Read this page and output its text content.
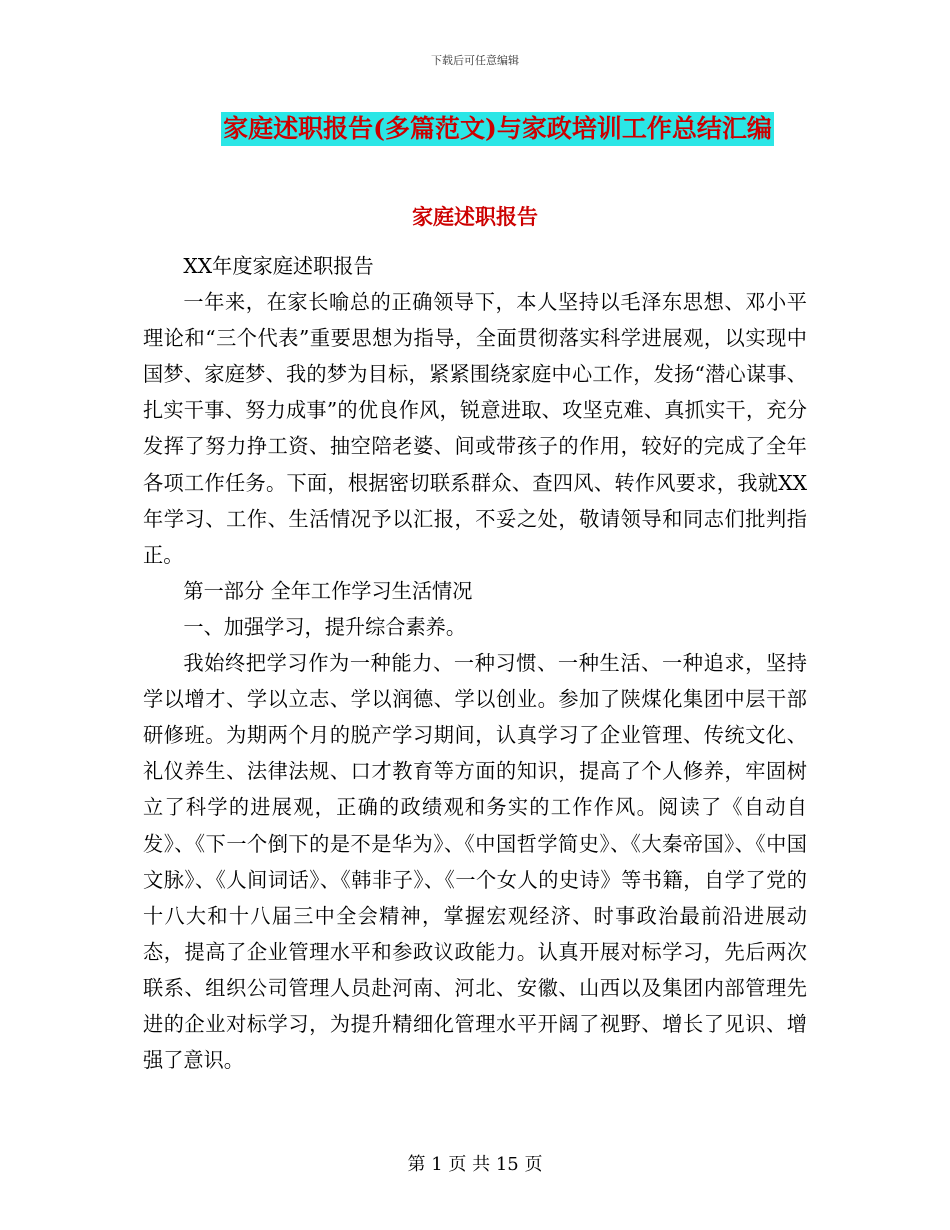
下载后可任意编辑
家庭述职报告(多篇范文)与家政培训工作总结汇编
家庭述职报告

XX年度家庭述职报告

一年来，在家长喻总的正确领导下，本人坚持以毛泽东思想、邓小平理论和“三个代表”重要思想为指导，全面贯彻落实科学进展观，以实现中国梦、家庭梦、我的梦为目标，紧紧围绕家庭中心工作，发扬“潜心谋事、扎实干事、努力成事”的优良作风，锐意进取、攻坚克难、真抓实干，充分发挥了努力挣工资、抽空陪老婆、间或带孩子的作用，较好的完成了全年各项工作任务。下面，根据密切联系群众、查四风、转作风要求，我就XX年学习、工作、生活情况予以汇报，不妥之处，敬请领导和同志们批判指正。

第一部分 全年工作学习生活情况

一、加强学习，提升综合素养。

我始终把学习作为一种能力、一种习惯、一种生活、一种追求，坚持学以增才、学以立志、学以润德、学以创业。参加了陕煤化集团中层干部研修班。为期两个月的脱产学习期间，认真学习了企业管理、传统文化、礼仪养生、法律法规、口才教育等方面的知识，提高了个人修养，牢固树立了科学的进展观，正确的政绩观和务实的工作作风。阅读了《自动自发》、《下一个倒下的是不是华为》、《中国哲学简史》、《大秦帝国》、《中国文脉》、《人间词话》、《韩非子》、《一个女人的史诗》等书籍，自学了党的十八大和十八届三中全会精神，掌握宏观经济、时事政治最前沿进展动态，提高了企业管理水平和参政议政能力。认真开展对标学习，先后两次联系、组织公司管理人员赴河南、河北、安徽、山西以及集团内部管理先进的企业对标学习，为提升精细化管理水平开阔了视野、增长了见识、增强了意识。

第 1 页 共 15 页
